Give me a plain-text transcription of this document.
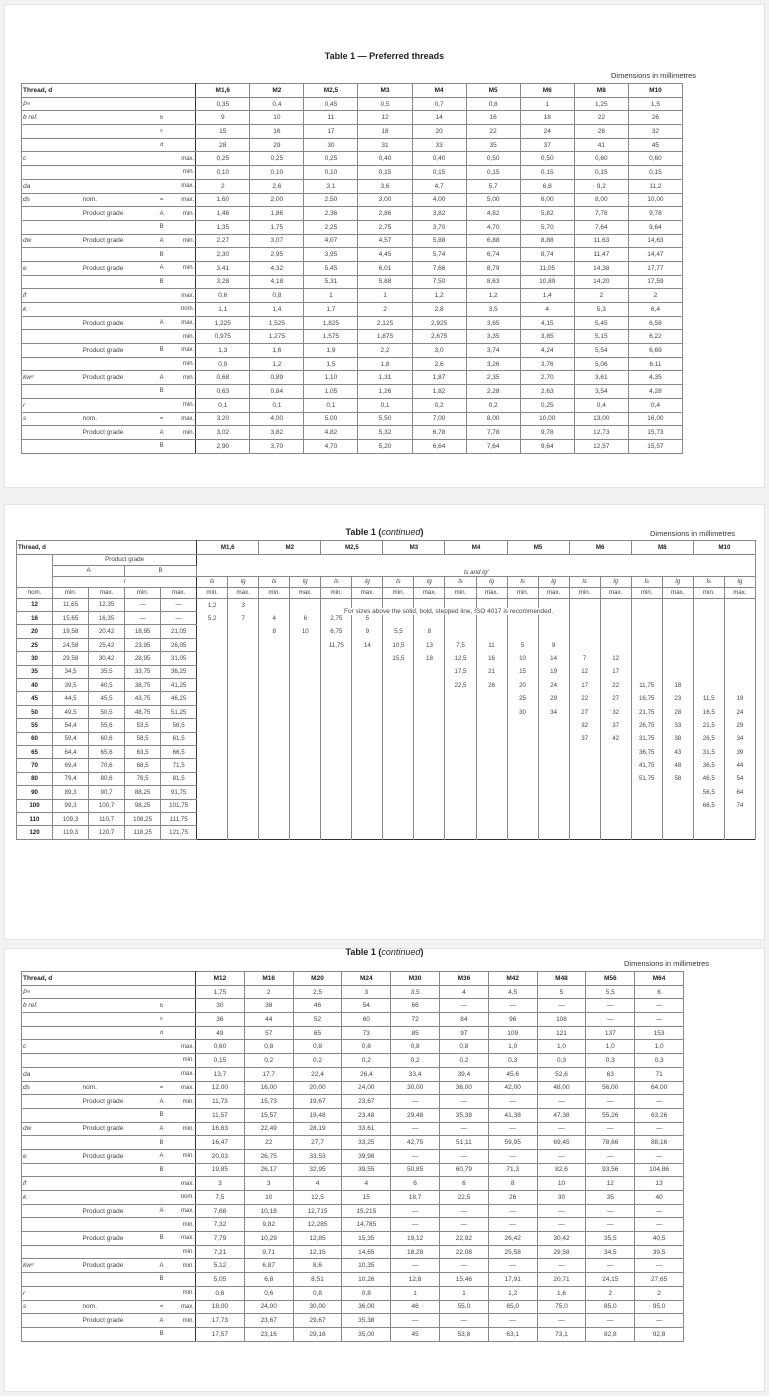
Table 1 — Preferred threads
Dimensions in millimetres
Thread, d				M1,6	M2	M2,5	M3	M4	M5	M6	M8	M10
Pᵃ				0,35	0,4	0,45	0,5	0,7	0,8	1	1,25	1,5
b ref.		b		9	10	11	12	14	16	18	22	26
		c		15	16	17	18	20	22	24	28	32
		d		28	29	30	31	33	35	37	41	45
c			max.	0,25	0,25	0,25	0,40	0,40	0,50	0,50	0,60	0,60
			min.	0,10	0,10	0,10	0,15	0,15	0,15	0,15	0,15	0,15
da			max.	2	2,6	3,1	3,6	4,7	5,7	6,8	9,2	11,2
ds	nom.	=	max.	1,60	2,00	2,50	3,00	4,00	5,00	6,00	8,00	10,00
	Product grade	A	min.	1,46	1,86	2,36	2,86	3,82	4,82	5,82	7,78	9,78
		B		1,35	1,75	2,25	2,75	3,70	4,70	5,70	7,64	9,64
dw	Product grade	A	min.	2,27	3,07	4,07	4,57	5,88	6,88	8,88	11,63	14,63
		B		2,30	2,95	3,95	4,45	5,74	6,74	8,74	11,47	14,47
e	Product grade	A	min.	3,41	4,32	5,45	6,01	7,66	8,79	11,05	14,38	17,77
		B		3,28	4,18	5,31	5,88	7,50	8,63	10,89	14,20	17,59
lf			max.	0,6	0,8	1	1	1,2	1,2	1,4	2	2
k			nom.	1,1	1,4	1,7	2	2,8	3,5	4	5,3	6,4
	Product grade	A	max.	1,225	1,525	1,825	2,125	2,925	3,65	4,15	5,45	6,58
			min.	0,975	1,275	1,575	1,875	2,675	3,35	3,85	5,15	6,22
	Product grade	B	max.	1,3	1,6	1,9	2,2	3,0	3,74	4,24	5,54	6,69
			min.	0,9	1,2	1,5	1,8	2,6	3,26	3,76	5,06	6,11
kwᵉ	Product grade	A	min.	0,68	0,89	1,10	1,31	1,87	2,35	2,70	3,61	4,35
		B		0,63	0,84	1,05	1,26	1,82	2,28	2,63	3,54	4,28
r			min.	0,1	0,1	0,1	0,1	0,2	0,2	0,25	0,4	0,4
s	nom.	=	max.	3,20	4,00	5,00	5,50	7,00	8,00	10,00	13,00	16,00
	Product grade	A	min.	3,02	3,82	4,82	5,32	6,78	7,78	9,78	12,73	15,73
		B		2,90	3,70	4,70	5,20	6,64	7,64	9,64	12,57	15,57
Table 1 (continued)	Dimensions in millimetres
Thread, d					M1,6		M2		M2,5		M3		M4		M5		M6		M8		M10	
	Product grade				ls and lgᶠ																	
	A		B																			
	l				ls	lg	ls	lg	ls	lg	ls	lg	ls	lg	ls	lg	ls	lg	ls	lg	ls	lg
nom.	min.	max.	min.	max.	min.	max.	min.	max.	min.	max.	min.	max.	min.	max.	min.	max.	min.	max.	min.	max.	min.	max.
12	11,65	12,35	—	—	1,2	3																
16	15,65	16,35	—	—	5,2	7	4	6	2,75	5												
20	19,58	20,42	18,95	21,05			8	10	6,75	9	5,5	8										
25	24,58	25,42	23,95	26,05					11,75	14	10,5	13	7,5	11	5	9						
30	29,58	30,42	28,95	31,05							15,5	18	12,5	16	10	14	7	12				
35	34,5	35,5	33,75	36,25									17,5	21	15	19	12	17				
40	39,5	40,5	38,75	41,25									22,5	26	20	24	17	22	11,75	18		
45	44,5	45,5	43,75	46,25											25	29	22	27	16,75	23	11,5	19
50	49,5	50,5	48,75	51,25											30	34	27	32	21,75	28	16,5	24
55	54,4	55,6	53,5	56,5													32	37	26,75	33	21,5	29
60	59,4	60,6	58,5	61,5													37	42	31,75	38	26,5	34
65	64,4	65,6	63,5	66,5															36,75	43	31,5	39
70	69,4	70,6	68,5	71,5															41,75	48	36,5	44
80	79,4	80,6	78,5	81,5															51,75	58	46,5	54
90	89,3	90,7	88,25	91,75																	56,5	64
100	99,3	100,7	98,25	101,75																	66,5	74
110	109,3	110,7	108,25	111,75																		
120	119,3	120,7	118,25	121,75																		
For sizes above the solid, bold, stepped line, ISO 4017 is recommended.
Table 1 (continued)
Dimensions in millimetres
Thread, d				M12	M16	M20	M24	M30	M36	M42	M48	M56	M64
Pᵃ				1,75	2	2,5	3	3,5	4	4,5	5	5,5	6
b ref.		b		30	38	46	54	66	—	—	—	—	—
		c		36	44	52	60	72	84	96	108	—	—
		d		49	57	65	73	85	97	109	121	137	153
c			max.	0,60	0,8	0,8	0,8	0,8	0,8	1,0	1,0	1,0	1,0
			min.	0,15	0,2	0,2	0,2	0,2	0,2	0,3	0,3	0,3	0,3
da			max.	13,7	17,7	22,4	26,4	33,4	39,4	45,6	52,6	63	71
ds	nom.	=	max.	12,00	16,00	20,00	24,00	30,00	36,00	42,00	48,00	56,00	64,00
	Product grade	A	min.	11,73	15,73	19,67	23,67	—	—	—	—	—	—
		B		11,57	15,57	19,48	23,48	29,48	35,38	41,38	47,38	55,26	63,26
dw	Product grade	A	min.	16,63	22,49	28,19	33,61	—	—	—	—	—	—
		B		16,47	22	27,7	33,25	42,75	51,11	59,95	69,45	78,66	88,16
e	Product grade	A	min.	20,03	26,75	33,53	39,98	—	—	—	—	—	—
		B		19,85	26,17	32,95	39,55	50,85	60,79	71,3	82,6	93,56	104,86
lf			max.	3	3	4	4	6	6	8	10	12	13
k			nom.	7,5	10	12,5	15	18,7	22,5	26	30	35	40
	Product grade	A	max.	7,68	10,18	12,715	15,215	—	—	—	—	—	—
			min.	7,32	9,82	12,285	14,785	—	—	—	—	—	—
	Product grade	B	max.	7,79	10,29	12,85	15,35	19,12	22,92	26,42	30,42	35,5	40,5
			min.	7,21	9,71	12,15	14,65	18,28	22,08	25,58	29,58	34,5	39,5
kwᵉ	Product grade	A	min.	5,12	6,87	8,6	10,35	—	—	—	—	—	—
		B		5,05	6,8	8,51	10,26	12,8	15,46	17,91	20,71	24,15	27,65
r			min.	0,6	0,6	0,8	0,8	1	1	1,2	1,6	2	2
s	nom.	=	max.	18,00	24,00	30,00	36,00	46	55,0	65,0	75,0	85,0	95,0
	Product grade	A	min.	17,73	23,67	29,67	35,38	—	—	—	—	—	—
		B		17,57	23,16	29,16	35,00	45	53,8	63,1	73,1	82,8	92,8
